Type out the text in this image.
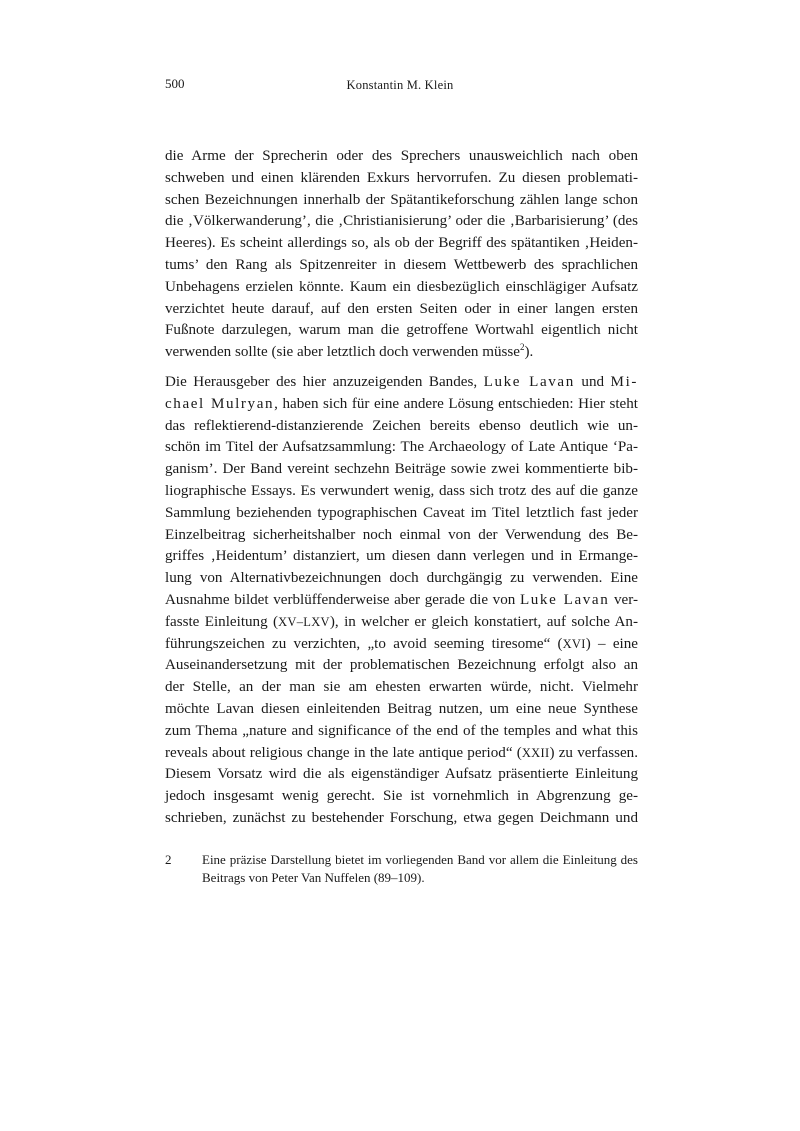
500	Konstantin M. Klein
die Arme der Sprecherin oder des Sprechers unausweichlich nach oben
schweben und einen klärenden Exkurs hervorrufen. Zu diesen problemati-
schen Bezeichnungen innerhalb der Spätantikeforschung zählen lange schon
die ‚Völkerwanderung’, die ‚Christianisierung’ oder die ‚Barbarisierung’ (des
Heeres). Es scheint allerdings so, als ob der Begriff des spätantiken ‚Heiden-
tums’ den Rang als Spitzenreiter in diesem Wettbewerb des sprachlichen
Unbehagens erzielen könnte. Kaum ein diesbezüglich einschlägiger Aufsatz
verzichtet heute darauf, auf den ersten Seiten oder in einer langen ersten
Fußnote darzulegen, warum man die getroffene Wortwahl eigentlich nicht
verwenden sollte (sie aber letztlich doch verwenden müsse$^2$).
Die Herausgeber des hier anzuzeigenden Bandes, Luke Lavan und Mi-
chael Mulryan, haben sich für eine andere Lösung entschieden: Hier steht
das reflektierend-distanzierende Zeichen bereits ebenso deutlich wie un-
schön im Titel der Aufsatzsammlung: The Archaeology of Late Antique ‘Pa-
ganism’. Der Band vereint sechzehn Beiträge sowie zwei kommentierte bib-
liographische Essays. Es verwundert wenig, dass sich trotz des auf die ganze
Sammlung beziehenden typographischen Caveat im Titel letztlich fast jeder
Einzelbeitrag sicherheitshalber noch einmal von der Verwendung des Be-
griffes ‚Heidentum’ distanziert, um diesen dann verlegen und in Ermange-
lung von Alternativbezeichnungen doch durchgängig zu verwenden. Eine
Ausnahme bildet verblüffenderweise aber gerade die von Luke Lavan ver-
fasste Einleitung (XV–LXV), in welcher er gleich konstatiert, auf solche An-
führungszeichen zu verzichten, „to avoid seeming tiresome“ (XVI) – eine
Auseinandersetzung mit der problematischen Bezeichnung erfolgt also an
der Stelle, an der man sie am ehesten erwarten würde, nicht. Vielmehr
möchte Lavan diesen einleitenden Beitrag nutzen, um eine neue Synthese
zum Thema „nature and significance of the end of the temples and what this
reveals about religious change in the late antique period“ (XXII) zu verfassen.
Diesem Vorsatz wird die als eigenständiger Aufsatz präsentierte Einleitung
jedoch insgesamt wenig gerecht. Sie ist vornehmlich in Abgrenzung ge-
schrieben, zunächst zu bestehender Forschung, etwa gegen Deichmann und
2 Eine präzise Darstellung bietet im vorliegenden Band vor allem die Einleitung des
Beitrags von Peter Van Nuffelen (89–109).
